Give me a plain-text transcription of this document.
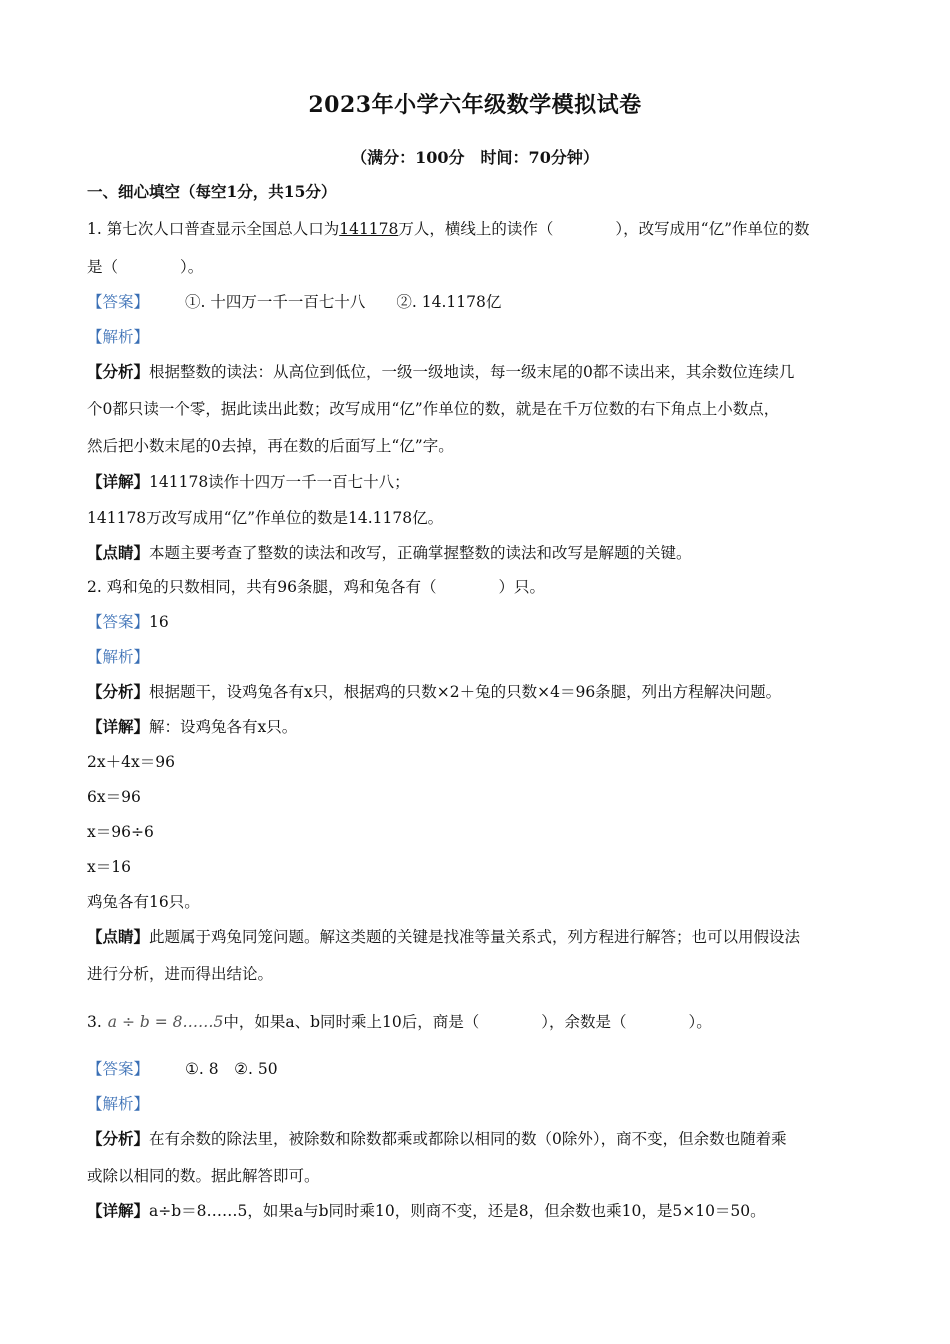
2023年小学六年级数学模拟试卷
（满分：100分　时间：70分钟）
一、细心填空（每空1分，共15分）
1. 第七次人口普查显示全国总人口为141178万人，横线上的读作（　　　　），改写成用“亿”作单位的数
是（　　　　）。
【答案】 ①. 十四万一千一百七十八　　②. 14.1178亿
【解析】
【分析】根据整数的读法：从高位到低位，一级一级地读，每一级末尾的0都不读出来，其余数位连续几
个0都只读一个零，据此读出此数；改写成用“亿”作单位的数，就是在千万位数的右下角点上小数点，
然后把小数末尾的0去掉，再在数的后面写上“亿”字。
【详解】141178读作十四万一千一百七十八；
141178万改写成用“亿”作单位的数是14.1178亿。
【点睛】本题主要考查了整数的读法和改写，正确掌握整数的读法和改写是解题的关键。
2. 鸡和兔的只数相同，共有96条腿，鸡和兔各有（　　　　）只。
【答案】16
【解析】
【分析】根据题干，设鸡兔各有x只，根据鸡的只数×2＋兔的只数×4＝96条腿，列出方程解决问题。
【详解】解：设鸡兔各有x只。
2x＋4x＝96
6x＝96
x＝96÷6
x＝16
鸡兔各有16只。
【点睛】此题属于鸡兔同笼问题。解这类题的关键是找准等量关系式，列方程进行解答；也可以用假设法
进行分析，进而得出结论。
3. a ÷ b = 8……5中，如果a、b同时乘上10后，商是（　　　　），余数是（　　　　）。
【答案】 ①. 8　②. 50
【解析】
【分析】在有余数的除法里，被除数和除数都乘或都除以相同的数（0除外），商不变，但余数也随着乘
或除以相同的数。据此解答即可。
【详解】a÷b＝8……5，如果a与b同时乘10，则商不变，还是8，但余数也乘10，是5×10＝50。
